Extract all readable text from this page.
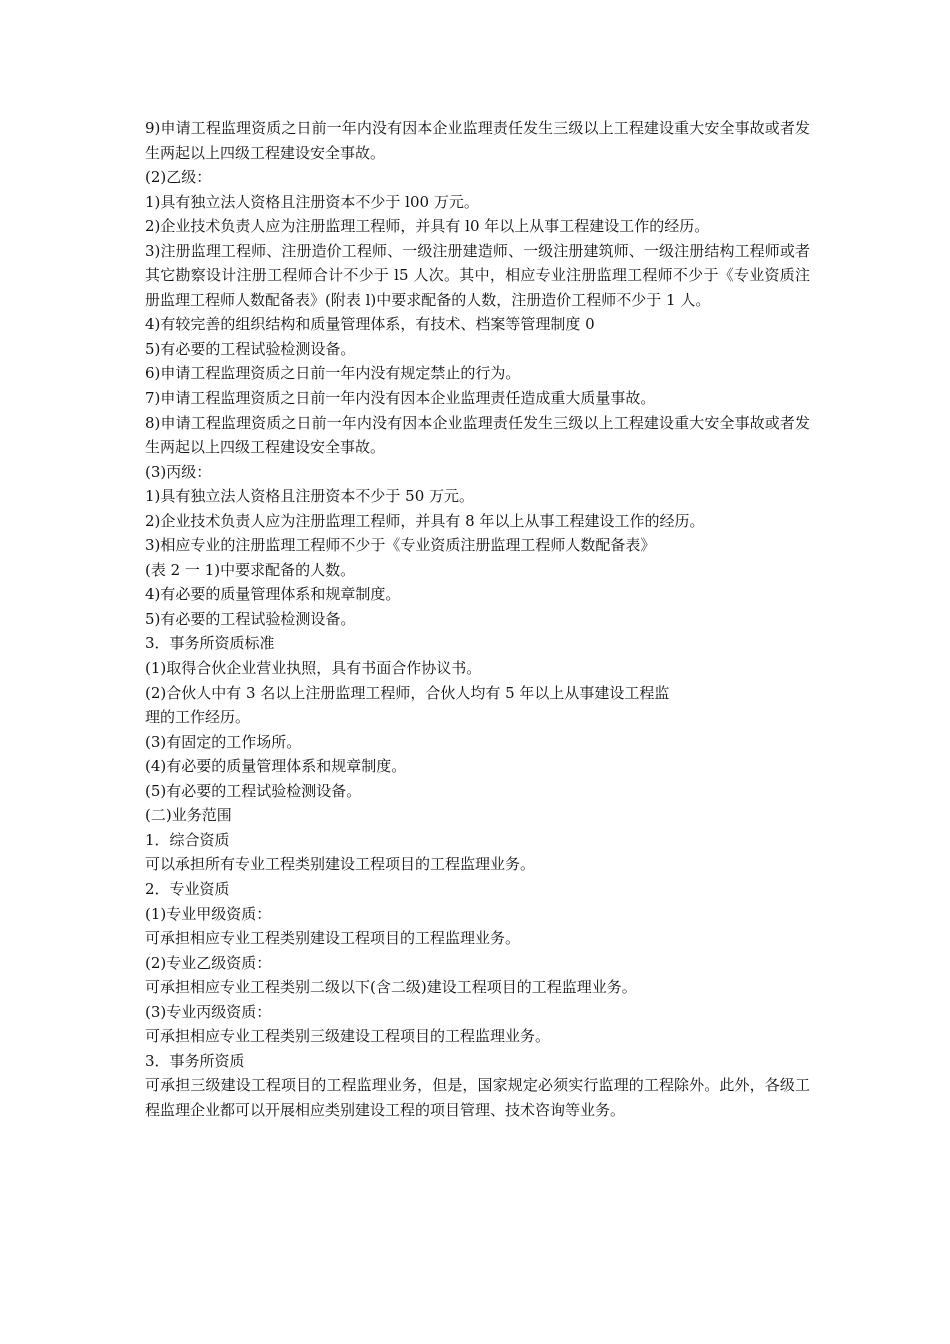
9)申请工程监理资质之日前一年内没有因本企业监理责任发生三级以上工程建设重大安全事故或者发生两起以上四级工程建设安全事故。

(2)乙级：

1)具有独立法人资格且注册资本不少于 l00 万元。

2)企业技术负责人应为注册监理工程师，并具有 l0 年以上从事工程建设工作的经历。

3)注册监理工程师、注册造价工程师、一级注册建造师、一级注册建筑师、一级注册结构工程师或者其它勘察设计注册工程师合计不少于 l5 人次。其中，相应专业注册监理工程师不少于《专业资质注册监理工程师人数配备表》(附表 l)中要求配备的人数，注册造价工程师不少于 1 人。

4)有较完善的组织结构和质量管理体系，有技术、档案等管理制度 0

5)有必要的工程试验检测设备。

6)申请工程监理资质之日前一年内没有规定禁止的行为。

7)申请工程监理资质之日前一年内没有因本企业监理责任造成重大质量事故。

8)申请工程监理资质之日前一年内没有因本企业监理责任发生三级以上工程建设重大安全事故或者发生两起以上四级工程建设安全事故。

(3)丙级：

1)具有独立法人资格且注册资本不少于 50 万元。

2)企业技术负责人应为注册监理工程师，并具有 8 年以上从事工程建设工作的经历。

3)相应专业的注册监理工程师不少于《专业资质注册监理工程师人数配备表》

(表 2 一 1)中要求配备的人数。

4)有必要的质量管理体系和规章制度。

5)有必要的工程试验检测设备。

3．事务所资质标准

(1)取得合伙企业营业执照，具有书面合作协议书。

(2)合伙人中有 3 名以上注册监理工程师，合伙人均有 5 年以上从事建设工程监

理的工作经历。

(3)有固定的工作场所。

(4)有必要的质量管理体系和规章制度。

(5)有必要的工程试验检测设备。

(二)业务范围

1．综合资质

可以承担所有专业工程类别建设工程项目的工程监理业务。

2．专业资质

(1)专业甲级资质：

可承担相应专业工程类别建设工程项目的工程监理业务。

(2)专业乙级资质：

可承担相应专业工程类别二级以下(含二级)建设工程项目的工程监理业务。

(3)专业丙级资质：

可承担相应专业工程类别三级建设工程项目的工程监理业务。

3．事务所资质

可承担三级建设工程项目的工程监理业务，但是，国家规定必须实行监理的工程除外。此外，各级工程监理企业都可以开展相应类别建设工程的项目管理、技术咨询等业务。
